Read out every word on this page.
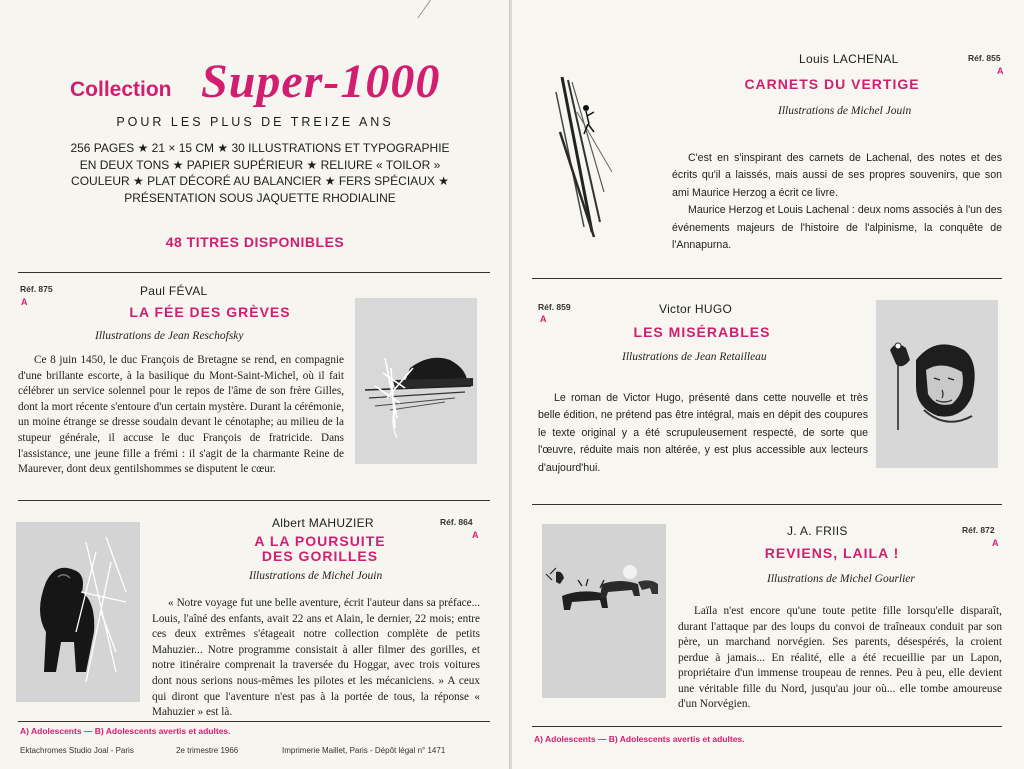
Collection Super-1000
POUR LES PLUS DE TREIZE ANS
256 PAGES ★ 21 × 15 CM ★ 30 ILLUSTRATIONS ET TYPOGRAPHIE
EN DEUX TONS ★ PAPIER SUPÉRIEUR ★ RELIURE « TOILOR »
COULEUR ★ PLAT DÉCORÉ AU BALANCIER ★ FERS SPÉCIAUX ★
PRÉSENTATION SOUS JAQUETTE RHODIALINE
48 TITRES DISPONIBLES
Réf. 875
A
Paul FÉVAL
LA FÉE DES GRÈVES
Illustrations de Jean Reschofsky
Ce 8 juin 1450, le duc François de Bretagne se rend, en compagnie d'une brillante escorte, à la basilique du Mont-Saint-Michel, où il fait célébrer un service solennel pour le repos de l'âme de son frère Gilles, dont la mort récente s'entoure d'un certain mystère. Durant la cérémonie, un moine étrange se dresse soudain devant le cénotaphe; au milieu de la stupeur générale, il accuse le duc François de fratricide. Dans l'assistance, une jeune fille a frémi : il s'agit de la charmante Reine de Maurever, dont deux gentilshommes se disputent le cœur.
Albert MAHUZIER	Réf. 864
A
A LA POURSUITE
DES GORILLES
Illustrations de Michel Jouin
« Notre voyage fut une belle aventure, écrit l'auteur dans sa préface... Louis, l'aîné des enfants, avait 22 ans et Alain, le dernier, 22 mois; entre ces deux extrêmes s'étageait notre collection complète de petits Mahuzier... Notre programme consistait à aller filmer des gorilles, et notre itinéraire comprenait la traversée du Hoggar, avec trois voitures dont nous serions nous-mêmes les pilotes et les mécaniciens. » A ceux qui diront que l'aventure n'est pas à la portée de tous, la réponse « Mahuzier » est là.
A) Adolescents — B) Adolescents avertis et adultes.
Ektachromes Studio Joal - Paris	2e trimestre 1966	Imprimerie Maillet, Paris - Dépôt légal n° 1471
Louis LACHENAL	Réf. 855
A
CARNETS DU VERTIGE
Illustrations de Michel Jouin

C'est en s'inspirant des carnets de Lachenal, des notes et des écrits qu'il a laissés, mais aussi de ses propres souvenirs, que son ami Maurice Herzog a écrit ce livre.

Maurice Herzog et Louis Lachenal : deux noms associés à l'un des événements majeurs de l'histoire de l'alpinisme, la conquête de l'Annapurna.

Réf. 859
A
Victor HUGO
LES MISÉRABLES
Illustrations de Jean Retailleau

Le roman de Victor Hugo, présenté dans cette nouvelle et très belle édition, ne prétend pas être intégral, mais en dépit des coupures le texte original y a été scrupuleusement respecté, de sorte que l'œuvre, réduite mais non altérée, y est plus accessible aux lecteurs d'aujourd'hui.

J. A. FRIIS	Réf. 872
A
REVIENS, LAILA !
Illustrations de Michel Gourlier
Laïla n'est encore qu'une toute petite fille lorsqu'elle disparaît, durant l'attaque par des loups du convoi de traîneaux conduit par son père, un marchand norvégien. Ses parents, désespérés, la croient perdue à jamais... En réalité, elle a été recueillie par un Lapon, propriétaire d'un immense troupeau de rennes. Peu à peu, elle devient une véritable fille du Nord, jusqu'au jour où... elle tombe amoureuse d'un Norvégien.
A) Adolescents — B) Adolescents avertis et adultes.
